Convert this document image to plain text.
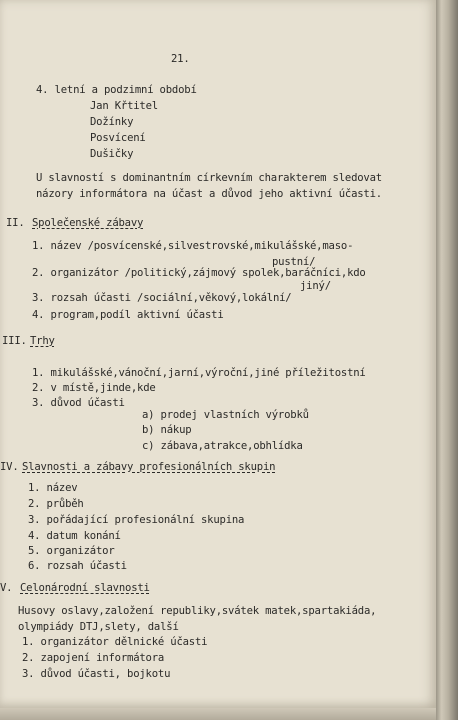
21.
4. letní a podzimní období
Jan Křtitel
Dožínky
Posvícení
Dušičky
U slavností s dominantním církevním charakterem sledovat
názory informátora na účast a důvod jeho aktivní účasti.
II. Společenské zábavy
1. název /posvícenské,silvestrovské,mikulášské,maso-
pustní/
2. organizátor /politický,zájmový spolek,baráčníci,kdo
jiný/
3. rozsah účasti /sociální,věkový,lokální/
4. program,podíl aktivní účasti
III. Trhy
1. mikulášské,vánoční,jarní,výroční,jiné příležitostní
2. v místě,jinde,kde
3. důvod účasti
a) prodej vlastních výrobků
b) nákup
c) zábava,atrakce,obhlídka
IV. Slavnosti a zábavy profesionálních skupin
1. název
2. průběh
3. pořádající profesionální skupina
4. datum konání
5. organizátor
6. rozsah účasti
V. Celonárodní slavnosti
Husovy oslavy,založení republiky,svátek matek,spartakiáda,
olympiády DTJ,slety, další
1. organizátor dělnické účasti
2. zapojení informátora
3. důvod účasti, bojkotu
